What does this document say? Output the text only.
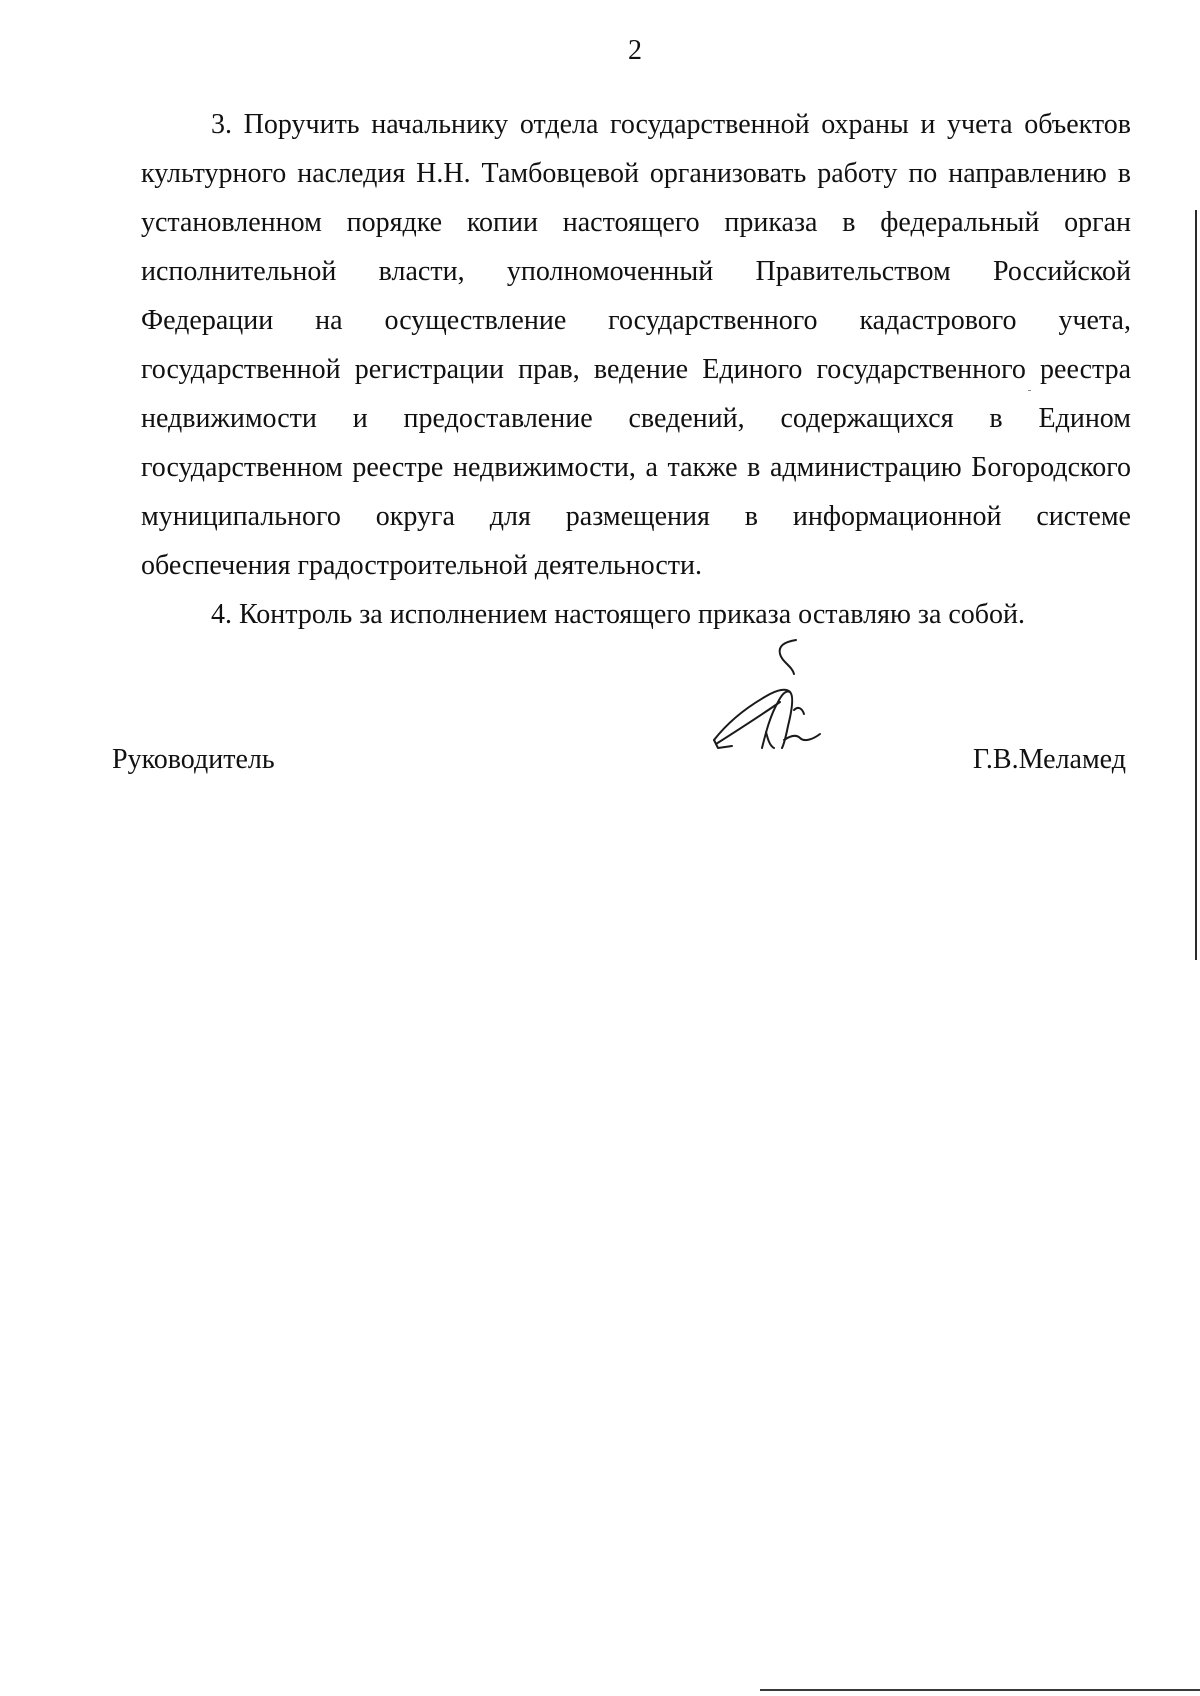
2
3. Поручить начальнику отдела государственной охраны и учета объектов
культурного наследия Н.Н. Тамбовцевой организовать работу по направлению в
установленном порядке копии настоящего приказа в федеральный орган
исполнительной власти, уполномоченный Правительством Российской
Федерации на осуществление государственного кадастрового учета,
государственной регистрации прав, ведение Единого государственного реестра
недвижимости и предоставление сведений, содержащихся в Едином
государственном реестре недвижимости, а также в администрацию Богородского
муниципального округа для размещения в информационной системе
обеспечения градостроительной деятельности.
4. Контроль за исполнением настоящего приказа оставляю за собой.
Руководитель	Г.В.Меламед
